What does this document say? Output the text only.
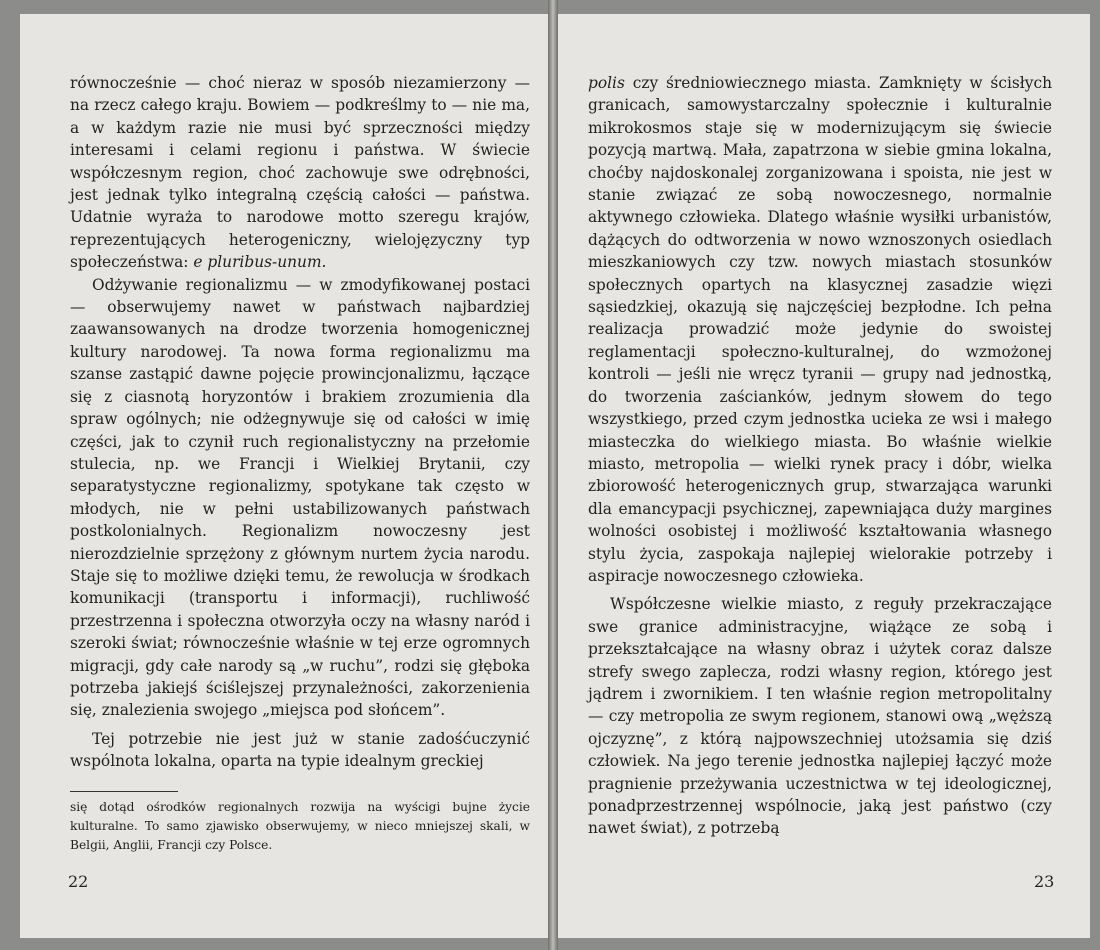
równocześnie — choć nieraz w sposób niezamierzony — na rzecz całego kraju. Bowiem — podkreślmy to — nie ma, a w każdym razie nie musi być sprzeczności między interesami i celami regionu i państwa. W świecie współczesnym region, choć zachowuje swe odrębności, jest jednak tylko integralną częścią całości — państwa. Udatnie wyraża to narodowe motto szeregu krajów, reprezentujących heterogeniczny, wielojęzyczny typ społeczeństwa: e pluribus-unum.

Odżywanie regionalizmu — w zmodyfikowanej postaci — obserwujemy nawet w państwach najbardziej zaawansowanych na drodze tworzenia homogenicznej kultury narodowej. Ta nowa forma regionalizmu ma szanse zastąpić dawne pojęcie prowincjonalizmu, łączące się z ciasnotą horyzontów i brakiem zrozumienia dla spraw ogólnych; nie odżegnywuje się od całości w imię części, jak to czynił ruch regionalistyczny na przełomie stulecia, np. we Francji i Wielkiej Brytanii, czy separatystyczne regionalizmy, spotykane tak często w młodych, nie w pełni ustabilizowanych państwach postkolonialnych. Regionalizm nowoczesny jest nierozdzielnie sprzężony z głównym nurtem życia narodu. Staje się to możliwe dzięki temu, że rewolucja w środkach komunikacji (transportu i informacji), ruchliwość przestrzenna i społeczna otworzyła oczy na własny naród i szeroki świat; równocześnie właśnie w tej erze ogromnych migracji, gdy całe narody są „w ruchu”, rodzi się głęboka potrzeba jakiejś ściślejszej przynależności, zakorzenienia się, znalezienia swojego „miejsca pod słońcem”.

Tej potrzebie nie jest już w stanie zadośćuczynić wspólnota lokalna, oparta na typie idealnym greckiej

się dotąd ośrodków regionalnych rozwija na wyścigi bujne życie kulturalne. To samo zjawisko obserwujemy, w nieco mniejszej skali, w Belgii, Anglii, Francji czy Polsce.
22

polis czy średniowiecznego miasta. Zamknięty w ścisłych granicach, samowystarczalny społecznie i kulturalnie mikrokosmos staje się w modernizującym się świecie pozycją martwą. Mała, zapatrzona w siebie gmina lokalna, choćby najdoskonalej zorganizowana i spoista, nie jest w stanie związać ze sobą nowoczesnego, normalnie aktywnego człowieka. Dlatego właśnie wysiłki urbanistów, dążących do odtworzenia w nowo wznoszonych osiedlach mieszkaniowych czy tzw. nowych miastach stosunków społecznych opartych na klasycznej zasadzie więzi sąsiedzkiej, okazują się najczęściej bezpłodne. Ich pełna realizacja prowadzić może jedynie do swoistej reglamentacji społeczno-kulturalnej, do wzmożonej kontroli — jeśli nie wręcz tyranii — grupy nad jednostką, do tworzenia zaścianków, jednym słowem do tego wszystkiego, przed czym jednostka ucieka ze wsi i małego miasteczka do wielkiego miasta. Bo właśnie wielkie miasto, metropolia — wielki rynek pracy i dóbr, wielka zbiorowość heterogenicznych grup, stwarzająca warunki dla emancypacji psychicznej, zapewniająca duży margines wolności osobistej i możliwość kształtowania własnego stylu życia, zaspokaja najlepiej wielorakie potrzeby i aspiracje nowoczesnego człowieka.

Współczesne wielkie miasto, z reguły przekraczające swe granice administracyjne, wiążące ze sobą i przekształcające na własny obraz i użytek coraz dalsze strefy swego zaplecza, rodzi własny region, którego jest jądrem i zwornikiem. I ten właśnie region metropolitalny — czy metropolia ze swym regionem, stanowi ową „węższą ojczyznę”, z którą najpowszechniej utożsamia się dziś człowiek. Na jego terenie jednostka najlepiej łączyć może pragnienie przeżywania uczestnictwa w tej ideologicznej, ponadprzestrzennej wspólnocie, jaką jest państwo (czy nawet świat), z potrzebą

23
